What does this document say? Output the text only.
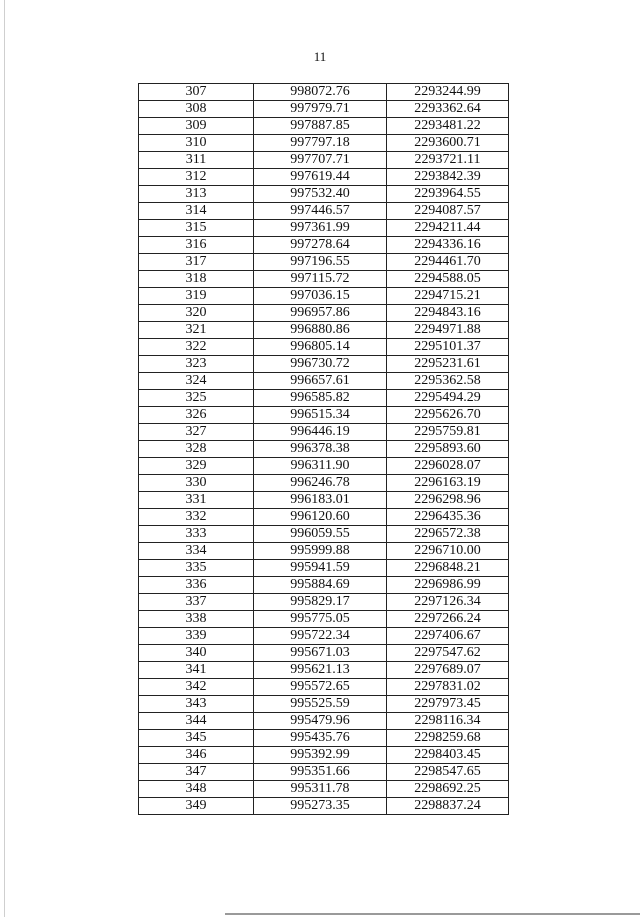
11
307	998072.76	2293244.99
308	997979.71	2293362.64
309	997887.85	2293481.22
310	997797.18	2293600.71
311	997707.71	2293721.11
312	997619.44	2293842.39
313	997532.40	2293964.55
314	997446.57	2294087.57
315	997361.99	2294211.44
316	997278.64	2294336.16
317	997196.55	2294461.70
318	997115.72	2294588.05
319	997036.15	2294715.21
320	996957.86	2294843.16
321	996880.86	2294971.88
322	996805.14	2295101.37
323	996730.72	2295231.61
324	996657.61	2295362.58
325	996585.82	2295494.29
326	996515.34	2295626.70
327	996446.19	2295759.81
328	996378.38	2295893.60
329	996311.90	2296028.07
330	996246.78	2296163.19
331	996183.01	2296298.96
332	996120.60	2296435.36
333	996059.55	2296572.38
334	995999.88	2296710.00
335	995941.59	2296848.21
336	995884.69	2296986.99
337	995829.17	2297126.34
338	995775.05	2297266.24
339	995722.34	2297406.67
340	995671.03	2297547.62
341	995621.13	2297689.07
342	995572.65	2297831.02
343	995525.59	2297973.45
344	995479.96	2298116.34
345	995435.76	2298259.68
346	995392.99	2298403.45
347	995351.66	2298547.65
348	995311.78	2298692.25
349	995273.35	2298837.24
